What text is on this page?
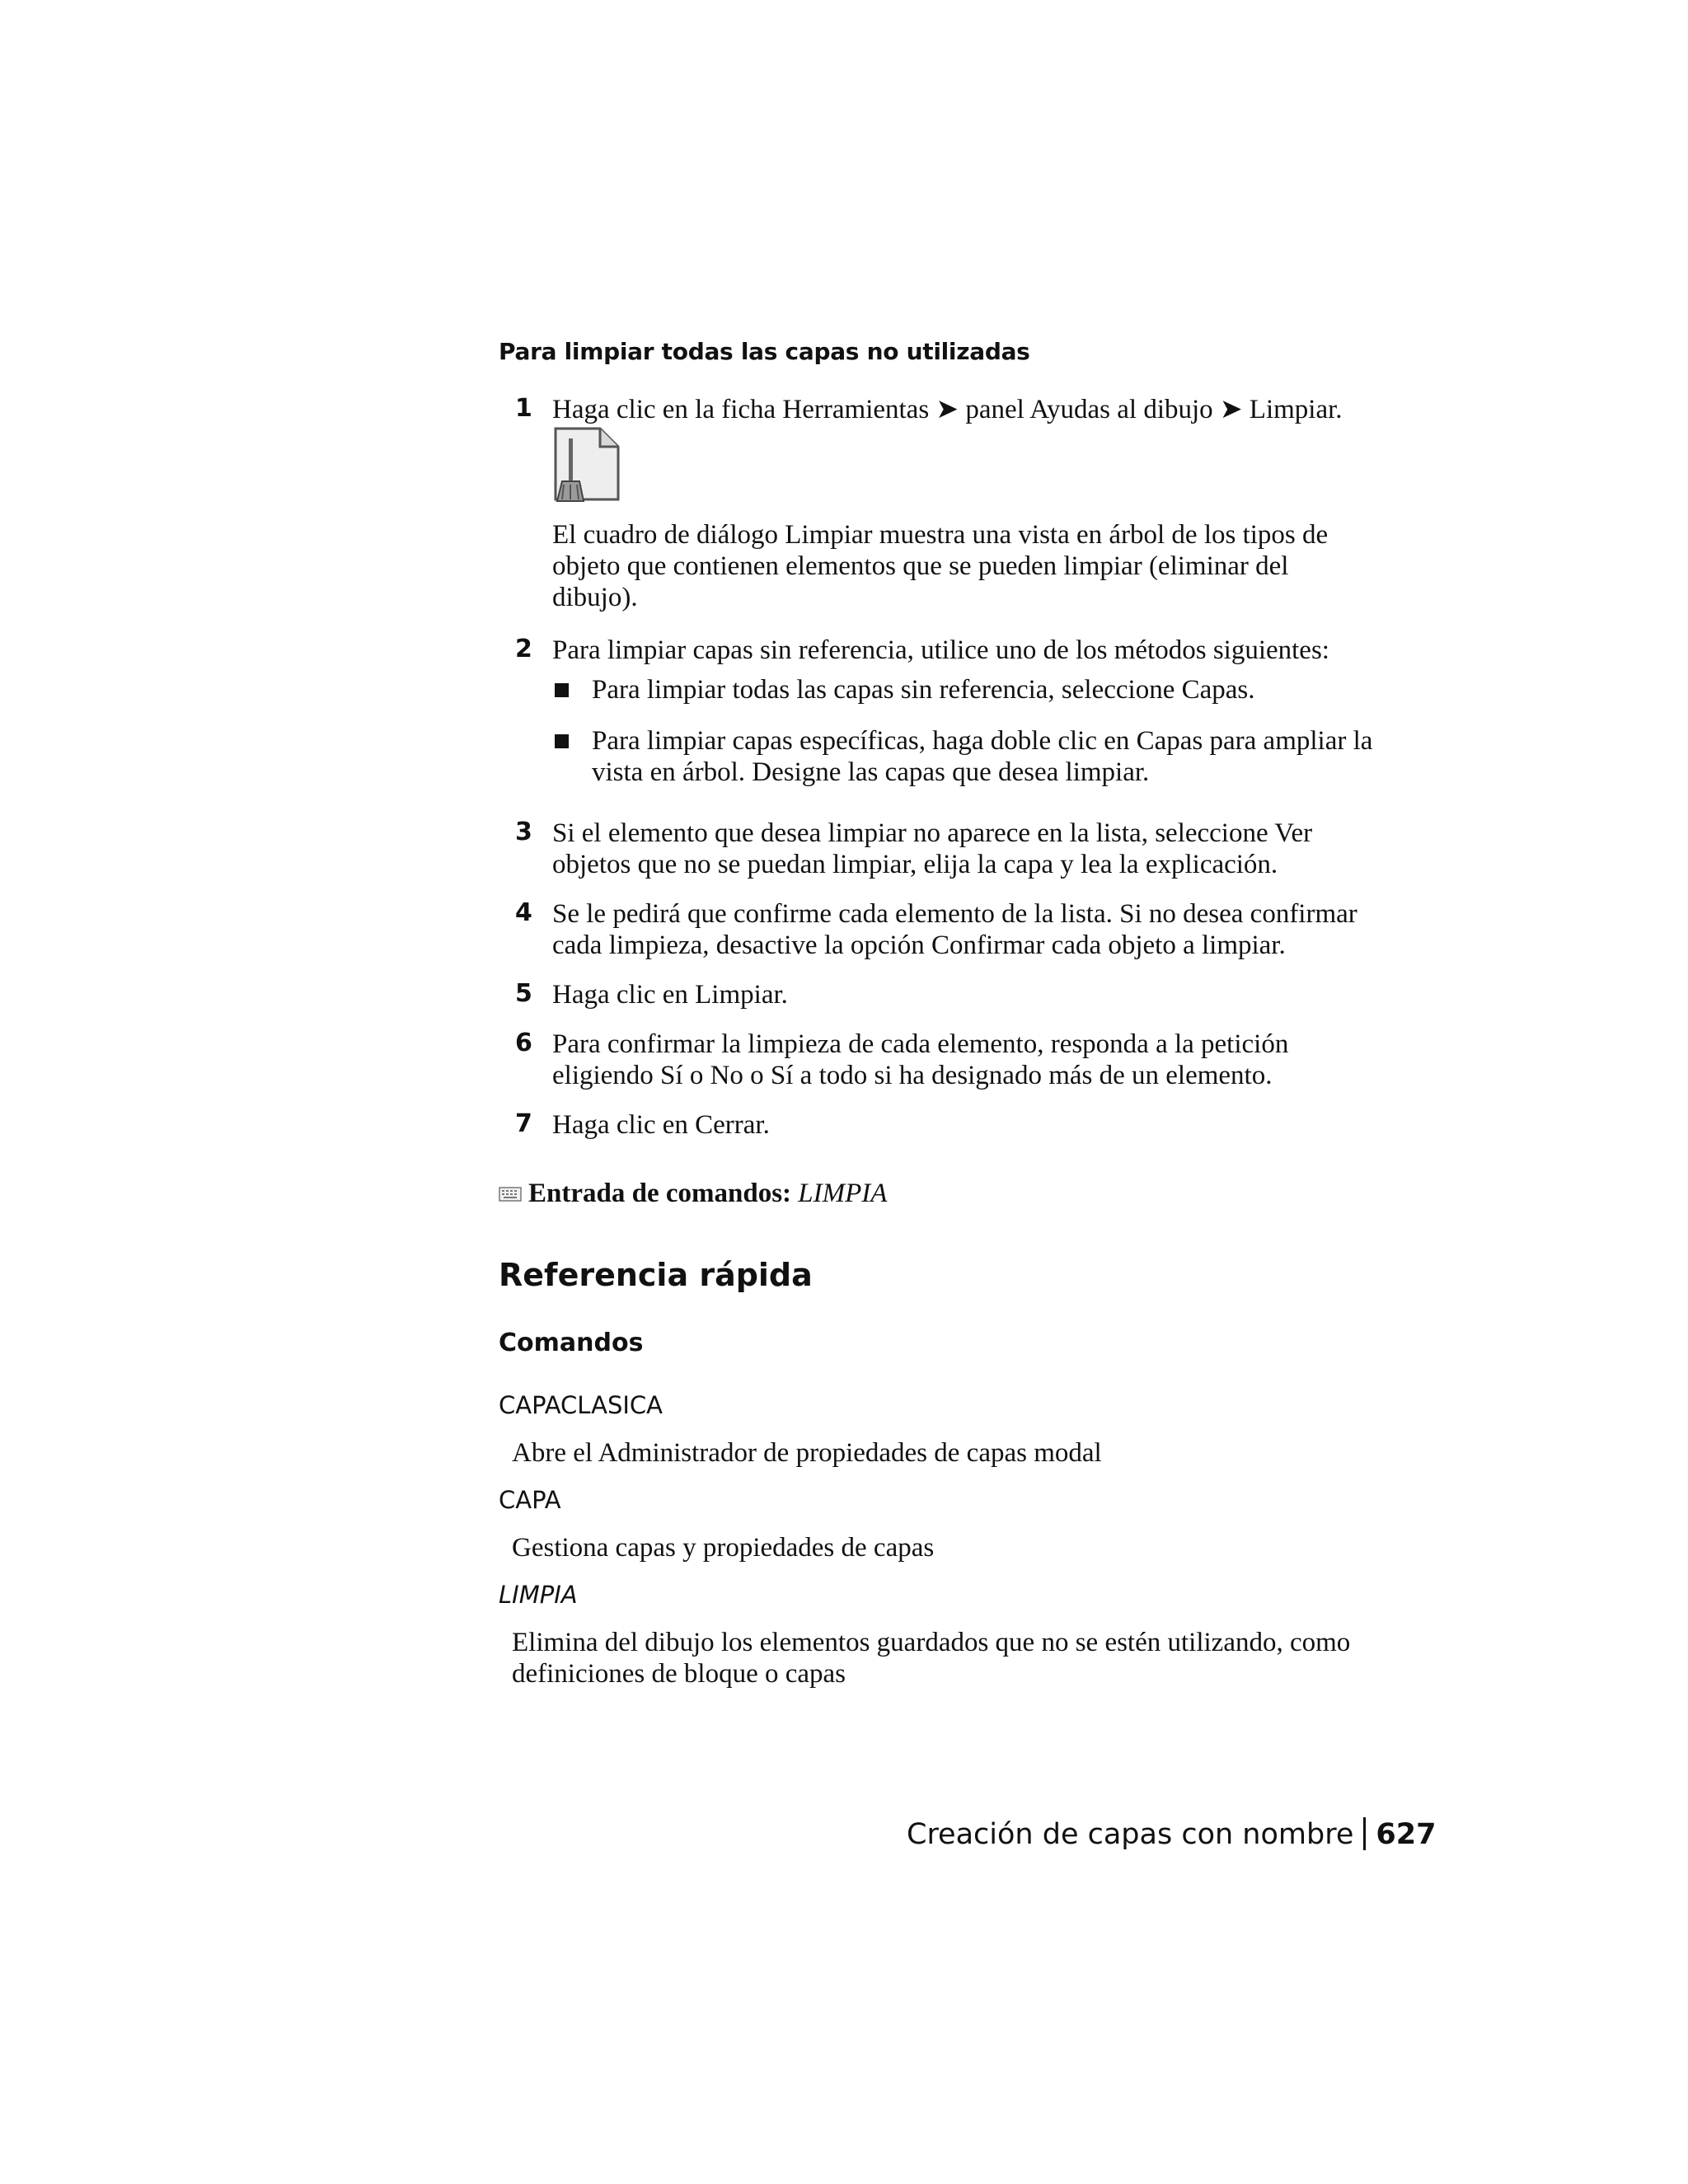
Para limpiar todas las capas no utilizadas
1 Haga clic en la ficha Herramientas ➤ panel Ayudas al dibujo ➤ Limpiar.
El cuadro de diálogo Limpiar muestra una vista en árbol de los tipos de objeto que contienen elementos que se pueden limpiar (eliminar del dibujo).
2 Para limpiar capas sin referencia, utilice uno de los métodos siguientes:
Para limpiar todas las capas sin referencia, seleccione Capas.
Para limpiar capas específicas, haga doble clic en Capas para ampliar la vista en árbol. Designe las capas que desea limpiar.
3 Si el elemento que desea limpiar no aparece en la lista, seleccione Ver objetos que no se puedan limpiar, elija la capa y lea la explicación.
4 Se le pedirá que confirme cada elemento de la lista. Si no desea confirmar cada limpieza, desactive la opción Confirmar cada objeto a limpiar.
5 Haga clic en Limpiar.
6 Para confirmar la limpieza de cada elemento, responda a la petición eligiendo Sí o No o Sí a todo si ha designado más de un elemento.
7 Haga clic en Cerrar.
Entrada de comandos: LIMPIA
Referencia rápida
Comandos
CAPACLASICA
Abre el Administrador de propiedades de capas modal
CAPA
Gestiona capas y propiedades de capas
LIMPIA
Elimina del dibujo los elementos guardados que no se estén utilizando, como definiciones de bloque o capas
Creación de capas con nombre 627
